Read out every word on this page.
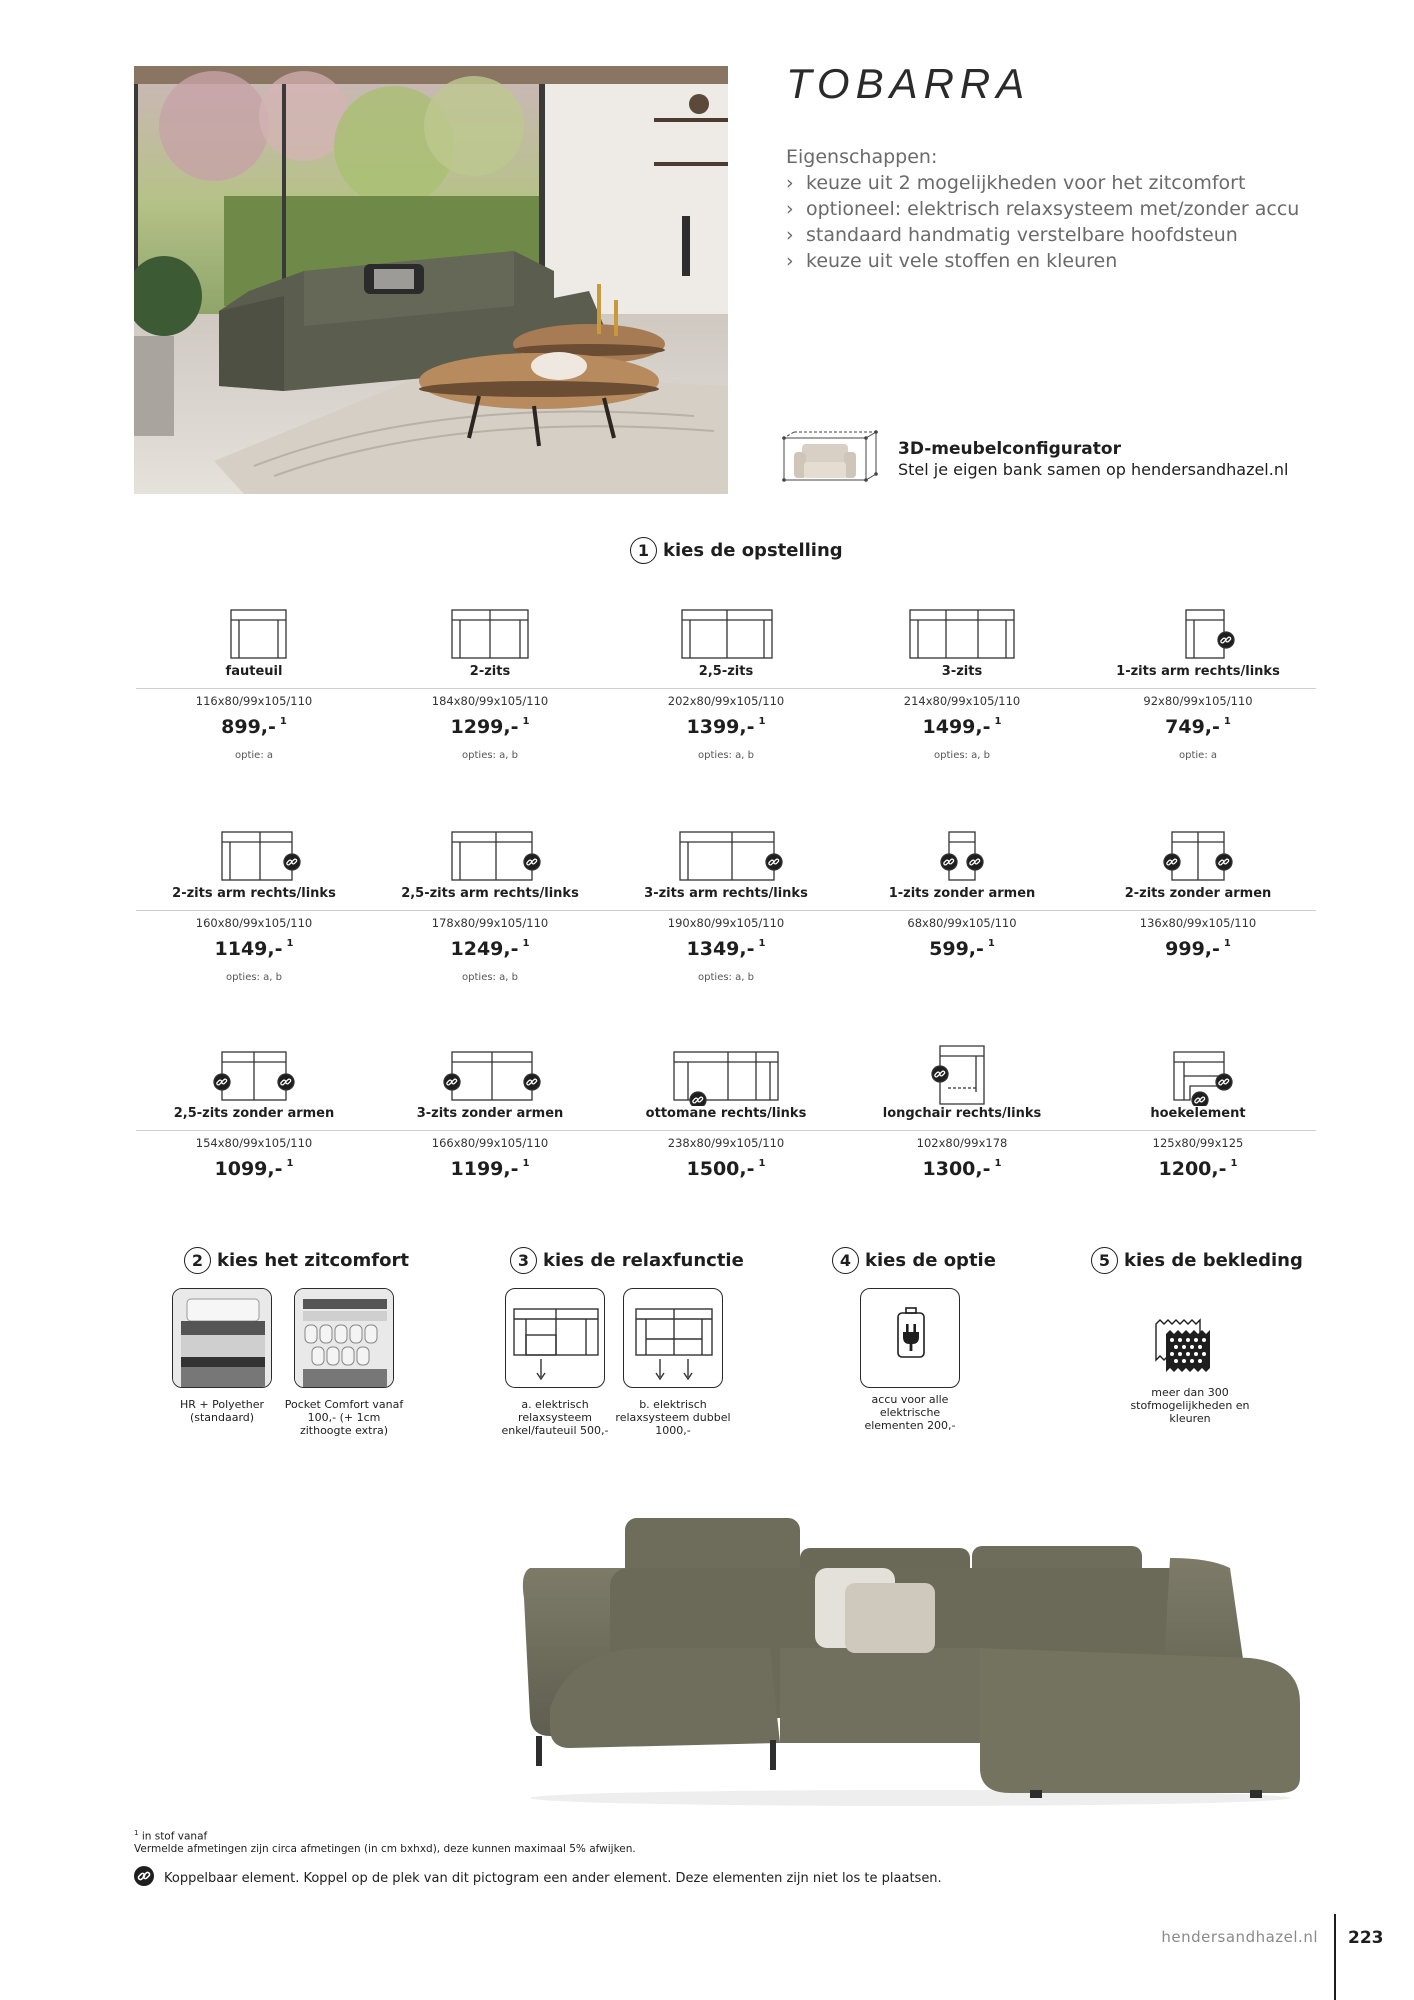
TOBARRA
Eigenschappen:
› keuze uit 2 mogelijkheden voor het zitcomfort
› optioneel: elektrisch relaxsysteem met/zonder accu
› standaard handmatig verstelbare hoofdsteun
› keuze uit vele stoffen en kleuren
3D-meubelconfigurator
Stel je eigen bank samen op hendersandhazel.nl
1 kies de opstelling
fauteuil
116x80/99x105/110
899,- $^1$
optie: a
2-zits
184x80/99x105/110
1299,- $^1$
opties: a, b
2,5-zits
202x80/99x105/110
1399,- $^1$
opties: a, b
3-zits
214x80/99x105/110
1499,- $^1$
opties: a, b
1-zits arm rechts/links
92x80/99x105/110
749,- $^1$
optie: a
2-zits arm rechts/links
160x80/99x105/110
1149,- $^1$
opties: a, b
2,5-zits arm rechts/links
178x80/99x105/110
1249,- $^1$
opties: a, b
3-zits arm rechts/links
190x80/99x105/110
1349,- $^1$
opties: a, b
1-zits zonder armen
68x80/99x105/110
599,- $^1$
2-zits zonder armen
136x80/99x105/110
999,- $^1$
2,5-zits zonder armen
154x80/99x105/110
1099,- $^1$
3-zits zonder armen
166x80/99x105/110
1199,- $^1$
ottomane rechts/links
238x80/99x105/110
1500,- $^1$
longchair rechts/links
102x80/99x178
1300,- $^1$
hoekelement
125x80/99x125
1200,- $^1$
2 kies het zitcomfort	3 kies de relaxfunctie	4 kies de optie	5 kies de bekleding
HR + Polyether (standaard)
Pocket Comfort vanaf 100,- (+ 1cm zithoogte extra)
a. elektrisch relaxsysteem enkel/fauteuil 500,-
b. elektrisch relaxsysteem dubbel 1000,-
accu voor alle elektrische elementen 200,-
meer dan 300 stofmogelijkheden en kleuren
$^1$ in stof vanaf
Vermelde afmetingen zijn circa afmetingen (in cm bxhxd), deze kunnen maximaal 5% afwijken.
Koppelbaar element. Koppel op de plek van dit pictogram een ander element. Deze elementen zijn niet los te plaatsen.
hendersandhazel.nl 223
